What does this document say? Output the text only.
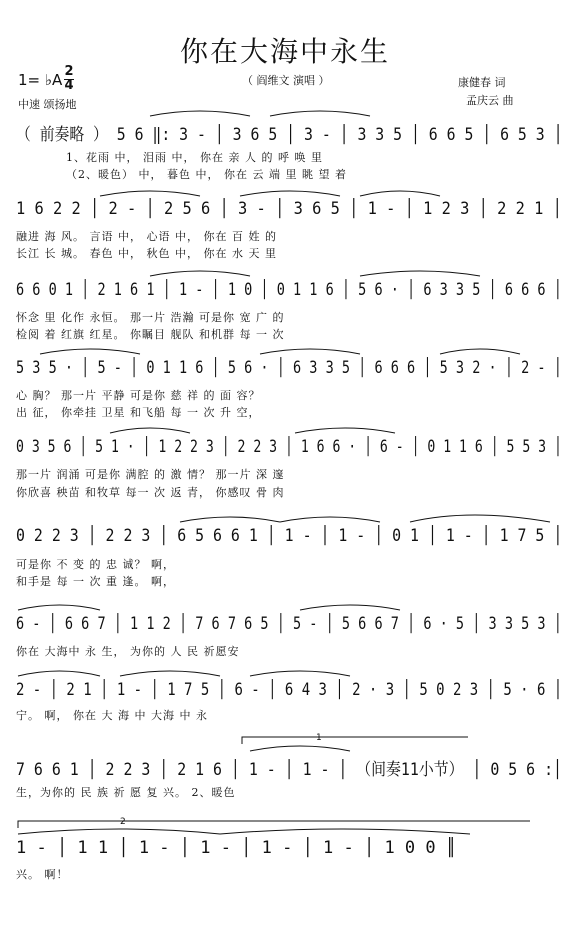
你在大海中永生
1= ♭A 2
4
中速 颂扬地
（ 阎维文 演唱 ）	康健春 词
孟庆云 曲
（ 前奏略 ） 5 6 ‖: 3 - │ 3 6 5 │ 3 - │ 3 3 5 │ 6 6 5 │ 6 5 3 │
1、花雨 中， 泪雨 中， 你在 亲 人 的 呼 唤 里
（2、暖色） 中， 暮色 中， 你在 云 端 里 眺 望 着
1 6 2 2 │ 2 - │ 2 5 6 │ 3 - │ 3 6 5 │ 1 - │ 1 2 3 │ 2 2 1 │
融进 海 风。 言语 中， 心语 中， 你在 百 姓 的
长江 长 城。 春色 中， 秋色 中， 你在 水 天 里
6 6 0 1 │ 2 1 6 1 │ 1 - │ 1 0 │ 0 1 1 6 │ 5 6 · │ 6 3 3 5 │ 6 6 6 │
怀念 里 化作 永恒。 那一片 浩瀚 可是你 宽 广 的
检阅 着 红旗 红星。 你瞩目 舰队 和机群 每 一 次
5 3 5 · │ 5 - │ 0 1 1 6 │ 5 6 · │ 6 3 3 5 │ 6 6 6 │ 5 3 2 · │ 2 - │
心 胸？ 那一片 平静 可是你 慈 祥 的 面 容？
出 征， 你牵挂 卫星 和飞船 每 一 次 升 空，
0 3 5 6 │ 5 1 · │ 1 2 2 3 │ 2 2 3 │ 1 6 6 · │ 6 - │ 0 1 1 6 │ 5 5 3 │
那一片 润涌 可是你 满腔 的 激 情？ 那一片 深 邃
你欣喜 秧苗 和牧草 每一 次 返 青， 你感叹 骨 肉
0 2 2 3 │ 2 2 3 │ 6 5 6 6 1 │ 1 - │ 1 - │ 0 1 │ 1 - │ 1 7 5 │
可是你 不 变 的 忠 诚？ 啊，
和手是 每 一 次 重 逢。 啊，
6 - │ 6 6 7 │ 1 1 2 │ 7 6 7 6 5 │ 5 - │ 5 6 6 7 │ 6 · 5 │ 3 3 5 3 │
你在 大海中 永 生， 为你的 人 民 祈愿安
2 - │ 2 1 │ 1 - │ 1 7 5 │ 6 - │ 6 4 3 │ 2 · 3 │ 5 0 2 3 │ 5 · 6 │
宁。 啊， 你在 大 海 中 大海 中 永
7 6 6 1 │ 2 2 3 │ 2 1 6 │ 1 - │ 1 - │ （间奏11小节） │ 0 5 6 :│
生，为你的 民 族 祈 愿 复 兴。 2、暖色
1 - │ 1 1 │ 1 - │ 1 - │ 1 - │ 1 - │ 1 0 0 ║
兴。 啊！
1
2
